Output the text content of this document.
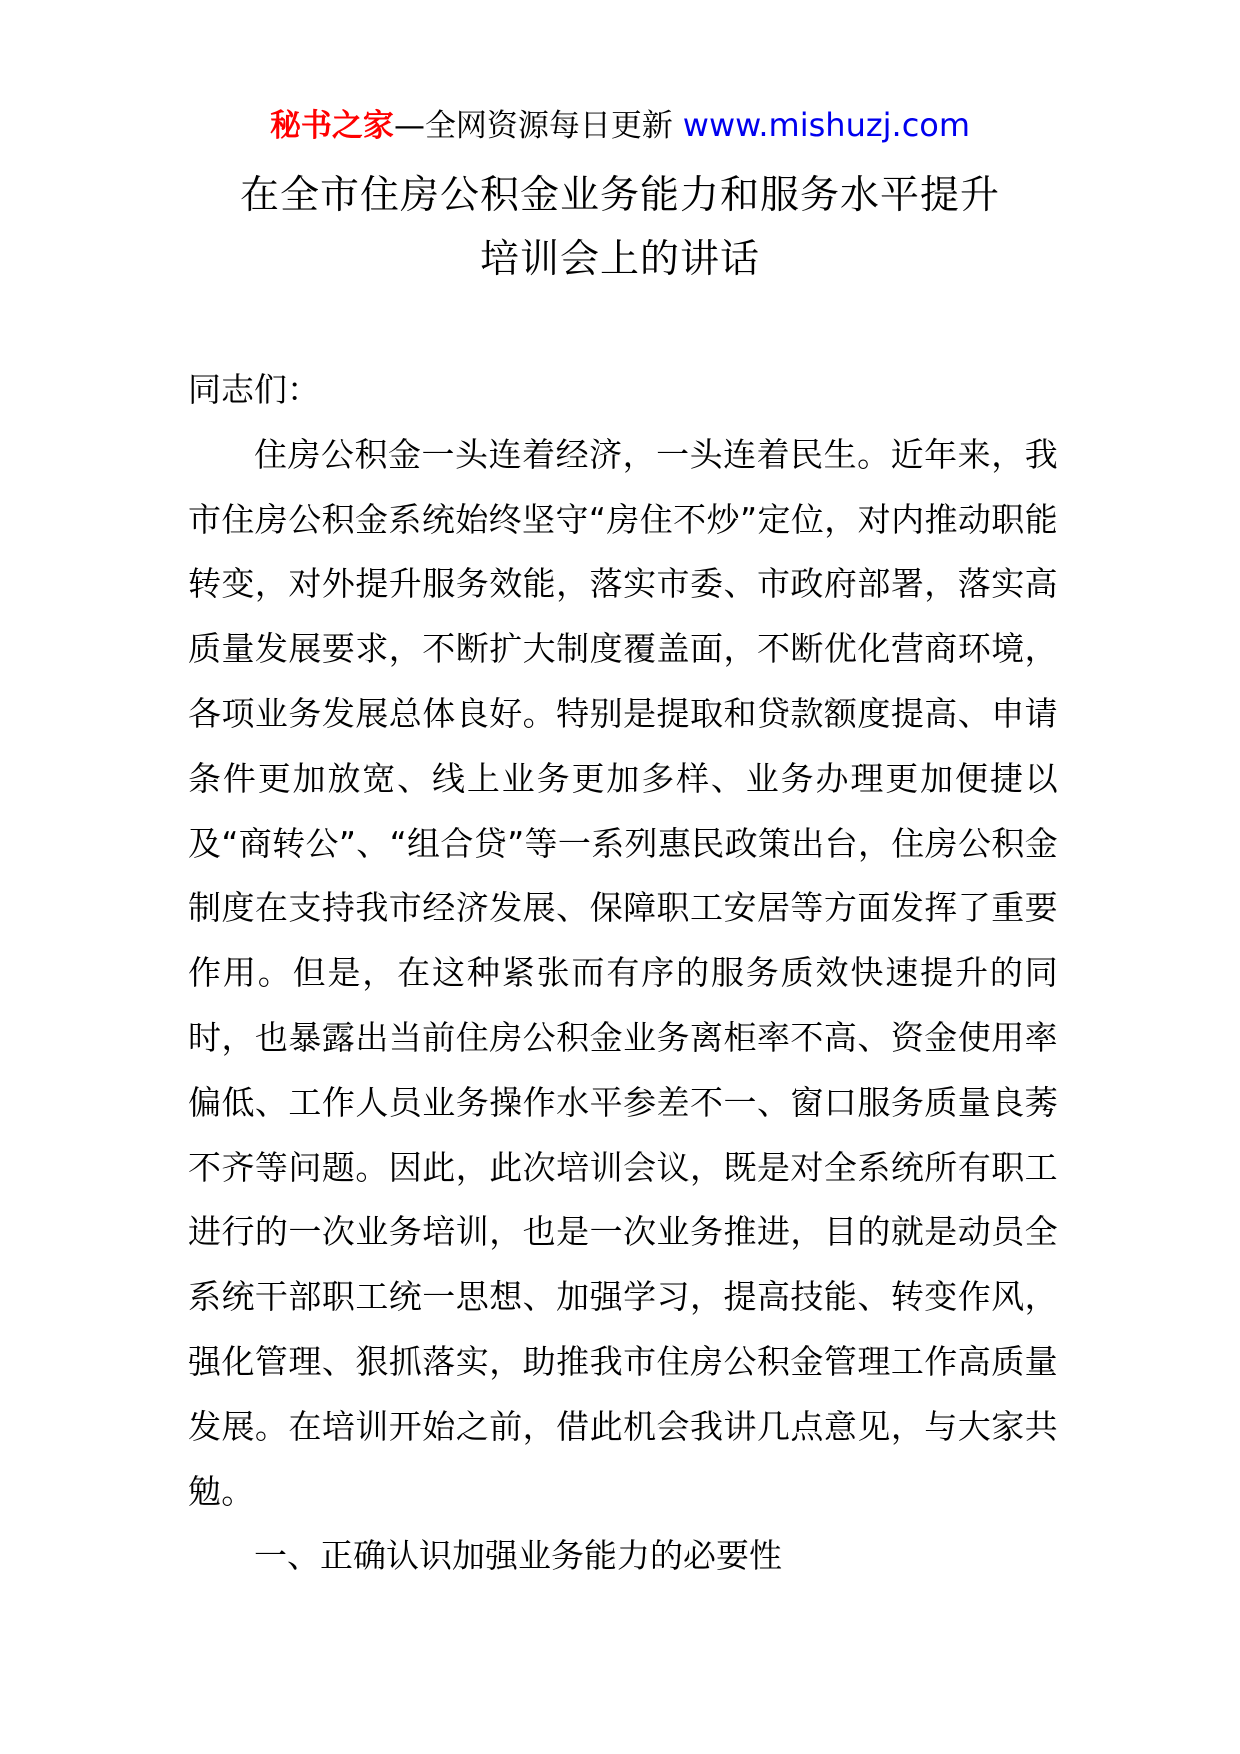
秘书之家—全网资源每日更新 www.mishuzj.com
在全市住房公积金业务能力和服务水平提升
培训会上的讲话

同志们：

住房公积金一头连着经济，一头连着民生。近年来，我市住房公积金系统始终坚守“房住不炒”定位，对内推动职能转变，对外提升服务效能，落实市委、市政府部署，落实高质量发展要求，不断扩大制度覆盖面，不断优化营商环境，各项业务发展总体良好。特别是提取和贷款额度提高、申请条件更加放宽、线上业务更加多样、业务办理更加便捷以及“商转公”、“组合贷”等一系列惠民政策出台，住房公积金制度在支持我市经济发展、保障职工安居等方面发挥了重要作用。但是，在这种紧张而有序的服务质效快速提升的同时，也暴露出当前住房公积金业务离柜率不高、资金使用率偏低、工作人员业务操作水平参差不一、窗口服务质量良莠不齐等问题。因此，此次培训会议，既是对全系统所有职工进行的一次业务培训，也是一次业务推进，目的就是动员全系统干部职工统一思想、加强学习，提高技能、转变作风，强化管理、狠抓落实，助推我市住房公积金管理工作高质量发展。在培训开始之前，借此机会我讲几点意见，与大家共勉。

一、正确认识加强业务能力的必要性
